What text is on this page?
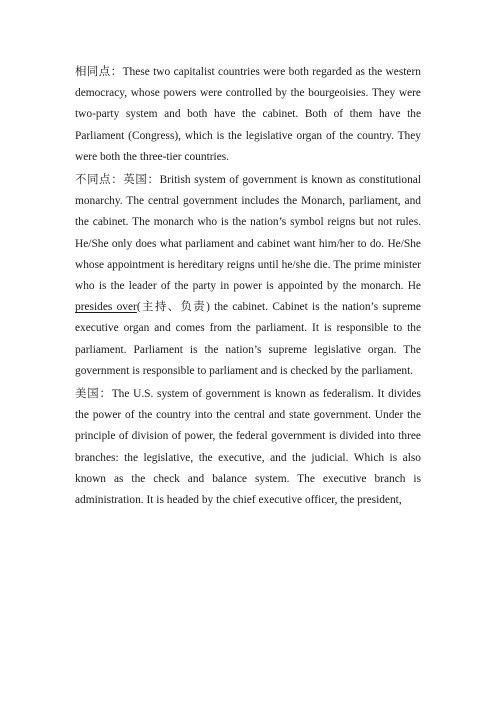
相同点：These two capitalist countries were both regarded as the western democracy, whose powers were controlled by the bourgeoisies. They were two-party system and both have the cabinet. Both of them have the Parliament (Congress), which is the legislative organ of the country. They were both the three-tier countries.

不同点：英国：British system of government is known as constitutional monarchy. The central government includes the Monarch, parliament, and the cabinet. The monarch who is the nation’s symbol reigns but not rules. He/She only does what parliament and cabinet want him/her to do. He/She whose appointment is hereditary reigns until he/she die. The prime minister who is the leader of the party in power is appointed by the monarch. He presides over(主持、负责) the cabinet. Cabinet is the nation’s supreme executive organ and comes from the parliament. It is responsible to the parliament. Parliament is the nation’s supreme legislative organ. The government is responsible to parliament and is checked by the parliament.

美国：The U.S. system of government is known as federalism. It divides the power of the country into the central and state government. Under the principle of division of power, the federal government is divided into three branches: the legislative, the executive, and the judicial. Which is also known as the check and balance system. The executive branch is administration. It is headed by the chief executive officer, the president,
